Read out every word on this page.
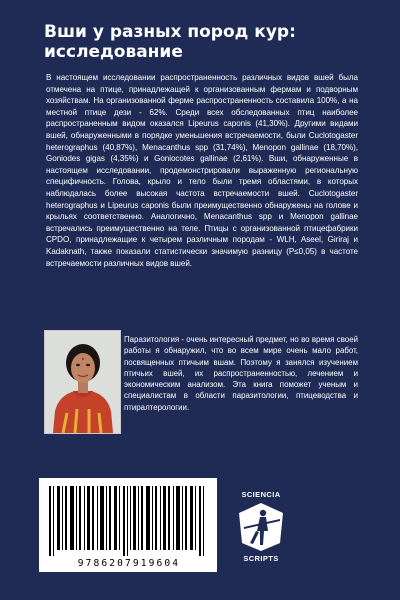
Вши у разных пород кур: исследование

В настоящем исследовании распространенность различных видов вшей была отмечена на птице, принадлежащей к организованным фермам и подворным хозяйствам. На организованной ферме распространенность составила 100%, а на местной птице дези - 62%. Среди всех обследованных птиц наиболее распространенным видом оказался Lipeurus caponis (41,30%). Другими видами вшей, обнаруженными в порядке уменьшения встречаемости, были Cuclotogaster heterographus (40,87%), Menacanthus spp (31,74%), Menopon gallinae (18,70%), Goniodes gigas (4,35%) и Goniocotes gallinae (2,61%). Вши, обнаруженные в настоящем исследовании, продемонстрировали выраженную региональную специфичность. Голова, крыло и тело были тремя областями, в которых наблюдалась более высокая частота встречаемости вшей. Cuclotogaster heterographus и Lipeurus caponis были преимущественно обнаружены на голове и крыльях соответственно. Аналогично, Menacanthus spp и Menopon gallinae встречались преимущественно на теле. Птицы с организованной птицефабрики CPDO, принадлежащие к четырем различным породам - WLH, Aseel, Giriraj и Kadaknath, также показали статистически значимую разницу (P≤0,05) в частоте встречаемости различных видов вшей.

Паразитология - очень интересный предмет, но во время своей работы я обнаружил, что во всем мире очень мало работ, посвященных птичьим вшам. Поэтому я занялся изучением птичьих вшей, их распространенностью, лечением и экономическим анализом. Эта книга поможет ученым и специалистам в области паразитологии, птицеводства и птиралтерологии.

9786207919604
SCIENCIA
SCRIPTS
